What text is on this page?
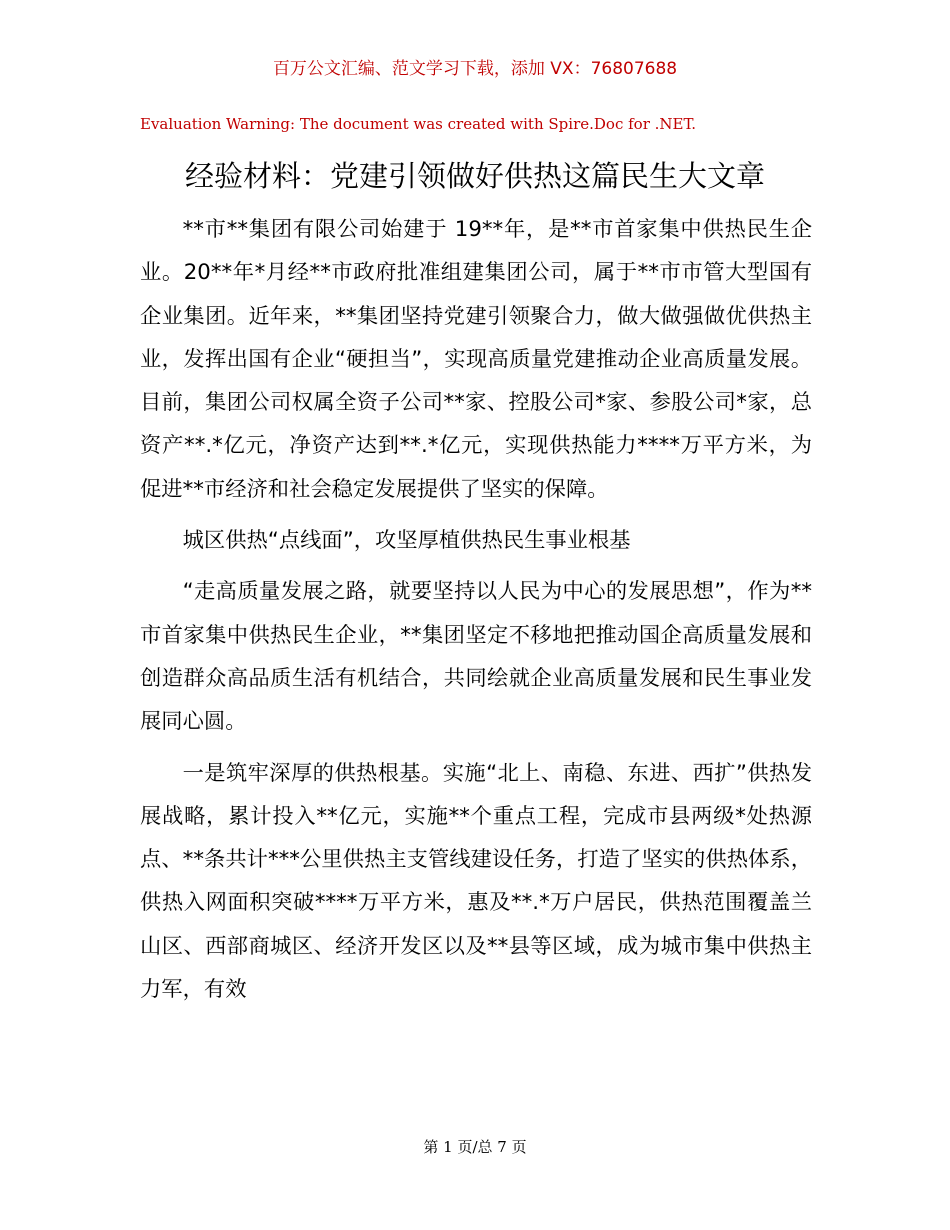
百万公文汇编、范文学习下载，添加 VX：76807688
Evaluation Warning: The document was created with Spire.Doc for .NET.
经验材料：党建引领做好供热这篇民生大文章

**市**集团有限公司始建于 19**年，是**市首家集中供热民生企业。20**年*月经**市政府批准组建集团公司，属于**市市管大型国有企业集团。近年来，**集团坚持党建引领聚合力，做大做强做优供热主业，发挥出国有企业“硬担当”，实现高质量党建推动企业高质量发展。目前，集团公司权属全资子公司**家、控股公司*家、参股公司*家，总资产**.*亿元，净资产达到**.*亿元，实现供热能力****万平方米，为促进**市经济和社会稳定发展提供了坚实的保障。

城区供热“点线面”，攻坚厚植供热民生事业根基

“走高质量发展之路，就要坚持以人民为中心的发展思想”，作为**市首家集中供热民生企业，**集团坚定不移地把推动国企高质量发展和创造群众高品质生活有机结合，共同绘就企业高质量发展和民生事业发展同心圆。

一是筑牢深厚的供热根基。实施“北上、南稳、东进、西扩”供热发展战略，累计投入**亿元，实施**个重点工程，完成市县两级*处热源点、**条共计***公里供热主支管线建设任务，打造了坚实的供热体系，供热入网面积突破****万平方米，惠及**.*万户居民，供热范围覆盖兰山区、西部商城区、经济开发区以及**县等区域，成为城市集中供热主力军，有效

第 1 页/总 7 页
